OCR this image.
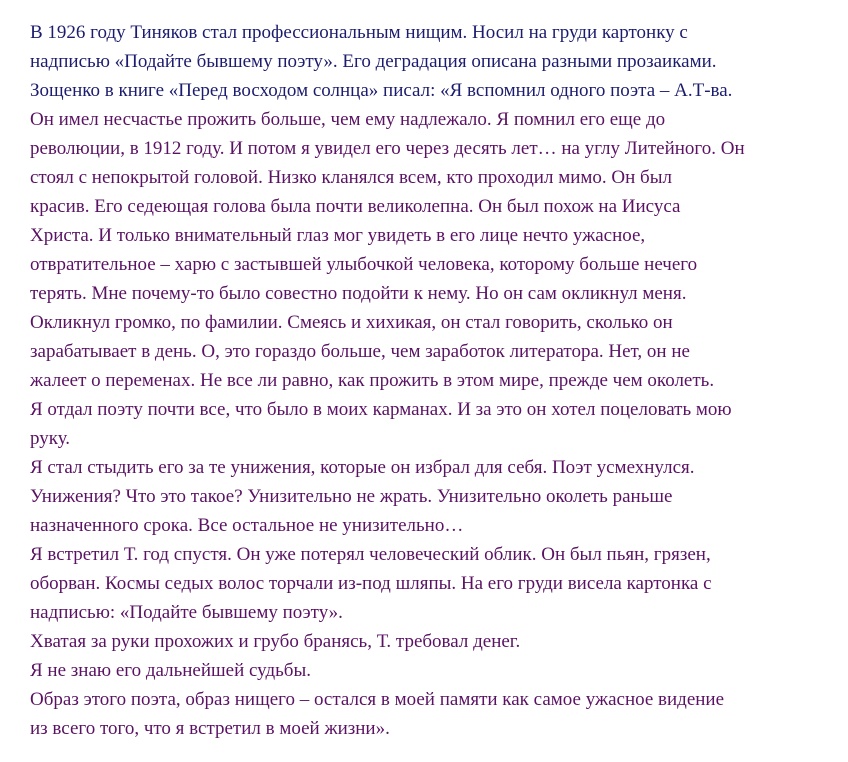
В 1926 году Тиняков стал профессиональным нищим. Носил на груди картонку с
надписью «Подайте бывшему поэту». Его деградация описана разными прозаиками.
Зощенко в книге «Перед восходом солнца» писал: «Я вспомнил одного поэта – А.Т-ва.
Он имел несчастье прожить больше, чем ему надлежало. Я помнил его еще до
революции, в 1912 году. И потом я увидел его через десять лет… на углу Литейного. Он
стоял с непокрытой головой. Низко кланялся всем, кто проходил мимо. Он был
красив. Его седеющая голова была почти великолепна. Он был похож на Иисуса
Христа. И только внимательный глаз мог увидеть в его лице нечто ужасное,
отвратительное – харю с застывшей улыбочкой человека, которому больше нечего
терять. Мне почему-то было совестно подойти к нему. Но он сам окликнул меня.
Окликнул громко, по фамилии. Смеясь и хихикая, он стал говорить, сколько он
зарабатывает в день. О, это гораздо больше, чем заработок литератора. Нет, он не
жалеет о переменах. Не все ли равно, как прожить в этом мире, прежде чем околеть.
Я отдал поэту почти все, что было в моих карманах. И за это он хотел поцеловать мою
руку.
Я стал стыдить его за те унижения, которые он избрал для себя. Поэт усмехнулся.
Унижения? Что это такое? Унизительно не жрать. Унизительно околеть раньше
назначенного срока. Все остальное не унизительно…
Я встретил Т. год спустя. Он уже потерял человеческий облик. Он был пьян, грязен,
оборван. Космы седых волос торчали из-под шляпы. На его груди висела картонка с
надписью: «Подайте бывшему поэту».
Хватая за руки прохожих и грубо бранясь, Т. требовал денег.
Я не знаю его дальнейшей судьбы.
Образ этого поэта, образ нищего – остался в моей памяти как самое ужасное видение
из всего того, что я встретил в моей жизни».
